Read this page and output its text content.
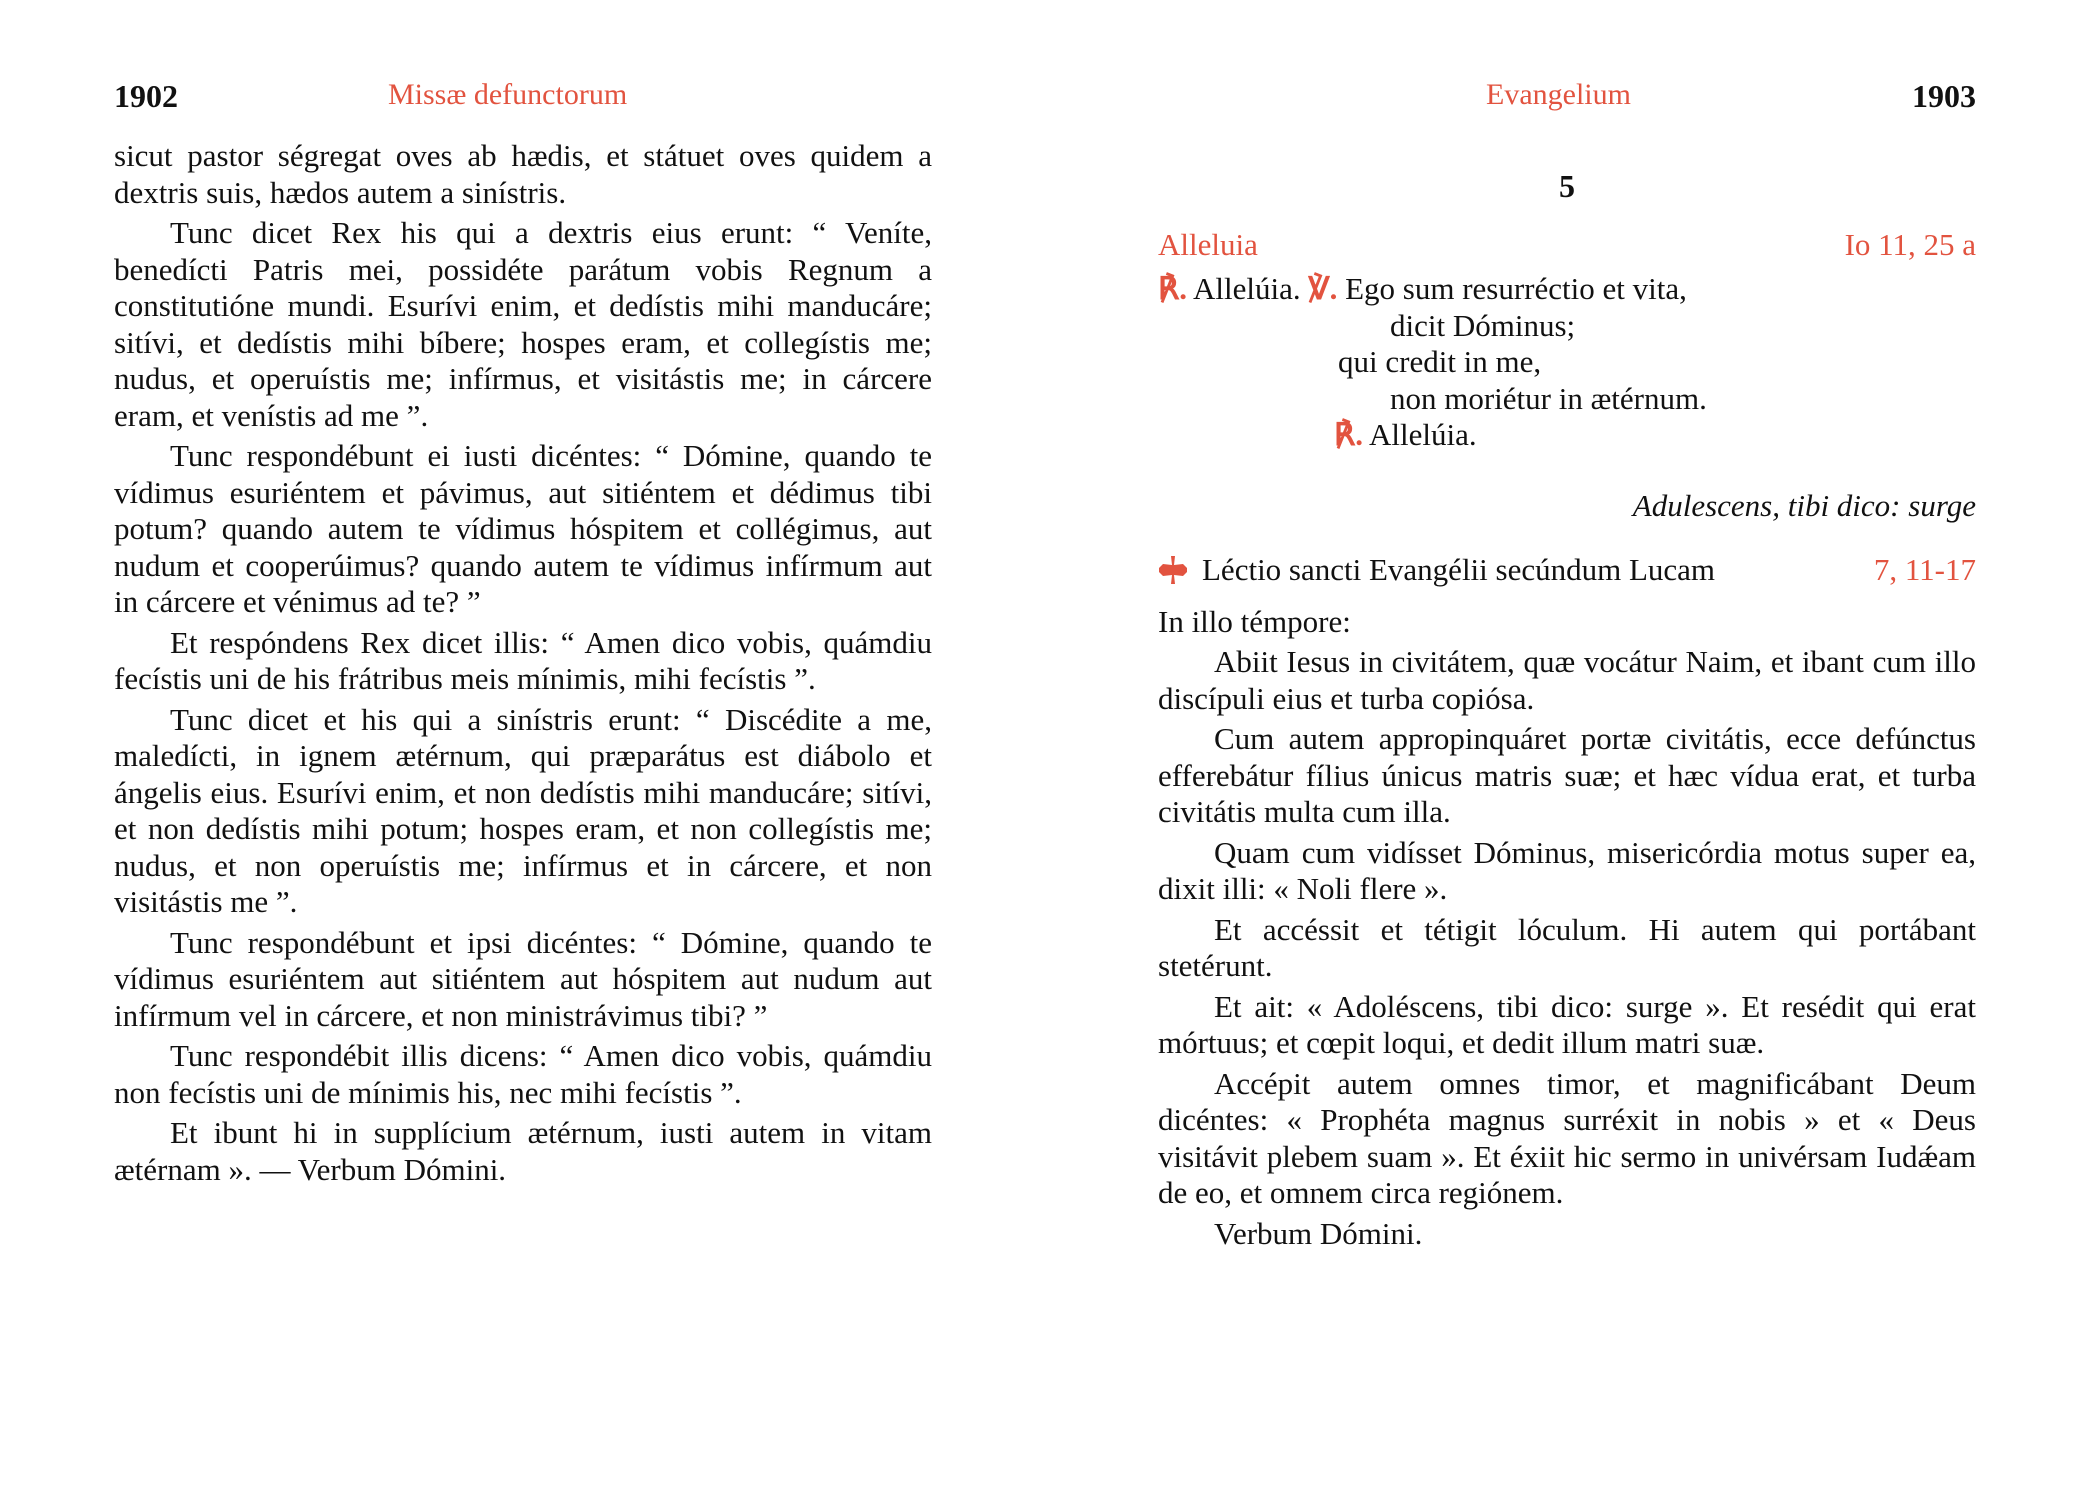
1902	Missæ defunctorum

sicut pastor ségregat oves ab hædis, et státuet oves quidem a dextris suis, hædos autem a sinístris.

Tunc dicet Rex his qui a dextris eius erunt: “ Veníte, benedícti Patris mei, possidéte parátum vobis Regnum a constitutióne mundi. Esurívi enim, et dedístis mihi manducáre; sitívi, et dedístis mihi bíbere; hospes eram, et collegístis me; nudus, et operuístis me; infírmus, et visitástis me; in cárcere eram, et venístis ad me ”.

Tunc respondébunt ei iusti dicéntes: “ Dómine, quando te vídimus esuriéntem et pávimus, aut sitiéntem et dédimus tibi potum? quando autem te vídimus hóspitem et collégimus, aut nudum et cooperúimus? quando autem te vídimus infírmum aut in cárcere et vénimus ad te? ”

Et respóndens Rex dicet illis: “ Amen dico vobis, quámdiu fecístis uni de his frátribus meis mínimis, mihi fecístis ”.

Tunc dicet et his qui a sinístris erunt: “ Discédite a me, maledícti, in ignem ætérnum, qui præparátus est diábolo et ángelis eius. Esurívi enim, et non dedístis mihi manducáre; sitívi, et non dedístis mihi potum; hospes eram, et non collegístis me; nudus, et non operuístis me; infírmus et in cárcere, et non visitástis me ”.

Tunc respondébunt et ipsi dicéntes: “ Dómine, quando te vídimus esuriéntem aut sitiéntem aut hóspitem aut nudum aut infírmum vel in cárcere, et non ministrávimus tibi? ”

Tunc respondébit illis dicens: “ Amen dico vobis, quámdiu non fecístis uni de mínimis his, nec mihi fecístis ”.

Et ibunt hi in supplícium ætérnum, iusti autem in vitam ætérnam ». — Verbum Dómini.

Evangelium	1903
5
Alleluia	Io 11, 25 a
℟. Allelúia. ℣. Ego sum resurréctio et vita,
dicit Dóminus;
qui credit in me,
non moriétur in ætérnum.
℟. Allelúia.
Adulescens, tibi dico: surge
Léctio sancti Evangélii secúndum Lucam	7, 11-17

In illo témpore:

Abiit Iesus in civitátem, quæ vocátur Naim, et ibant cum illo discípuli eius et turba copiósa.

Cum autem appropinquáret portæ civitátis, ecce defúnctus efferebátur fílius únicus matris suæ; et hæc vídua erat, et turba civitátis multa cum illa.

Quam cum vidísset Dóminus, misericórdia motus super ea, dixit illi: « Noli flere ».

Et accéssit et tétigit lóculum. Hi autem qui portábant stetérunt.

Et ait: « Adoléscens, tibi dico: surge ». Et resédit qui erat mórtuus; et cœpit loqui, et dedit illum matri suæ.

Accépit autem omnes timor, et magnificábant Deum dicéntes: « Prophéta magnus surréxit in nobis » et « Deus visitávit plebem suam ». Et éxiit hic sermo in univérsam Iudǽam de eo, et omnem circa regiónem.

Verbum Dómini.
